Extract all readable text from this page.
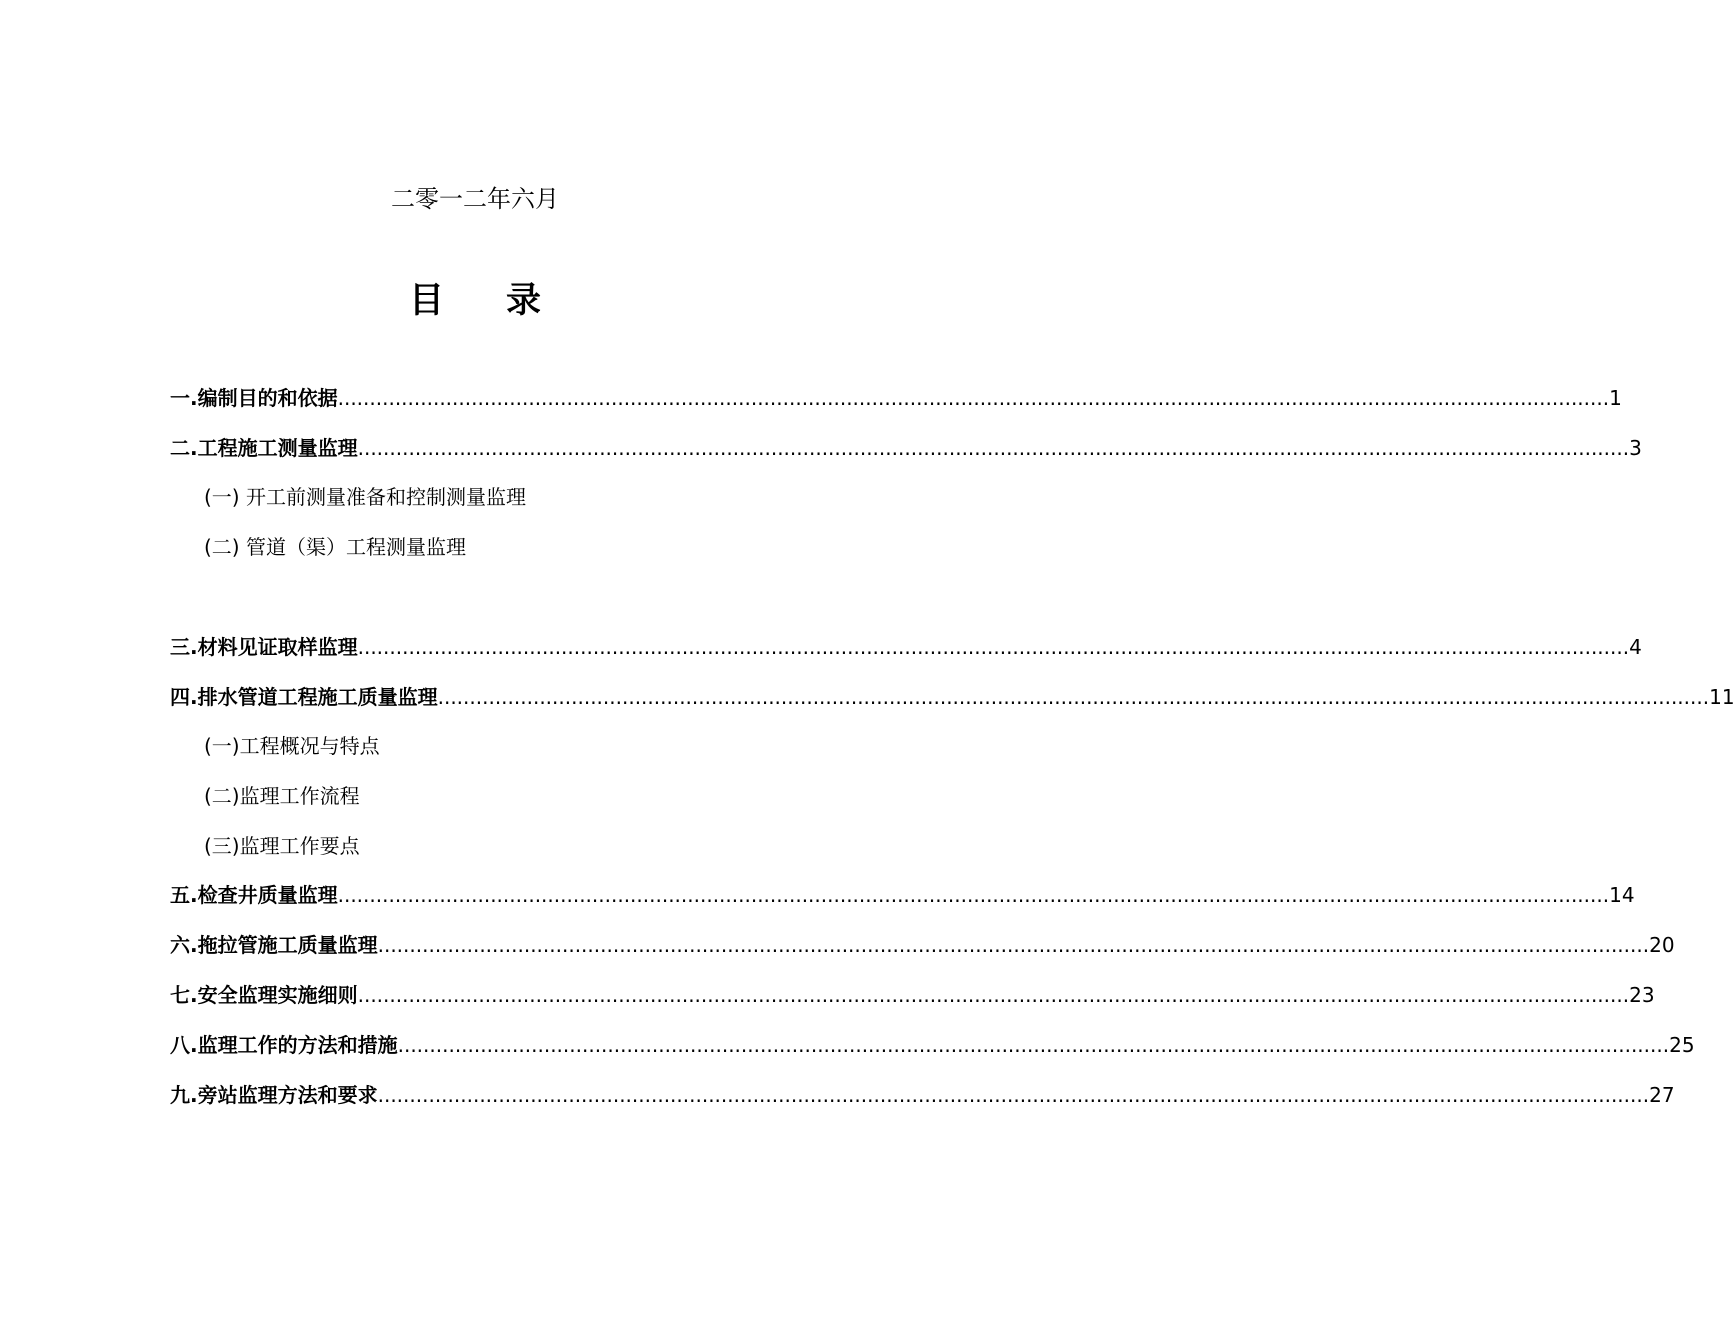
二零一二年六月
目 录
一.编制目的和依据 ........................................................................................................................................................................................................ 1
二.工程施工测量监理 ........................................................................................................................................................................................................ 3
(一) 开工前测量准备和控制测量监理
(二) 管道（渠）工程测量监理
三.材料见证取样监理 ........................................................................................................................................................................................................ 4
四.排水管道工程施工质量监理 ........................................................................................................................................................................................................ 11
(一)工程概况与特点
(二)监理工作流程
(三)监理工作要点
五.检查井质量监理 ........................................................................................................................................................................................................ 14
六.拖拉管施工质量监理 ........................................................................................................................................................................................................ 20
七.安全监理实施细则 ........................................................................................................................................................................................................ 23
八.监理工作的方法和措施 ........................................................................................................................................................................................................ 25
九.旁站监理方法和要求 ........................................................................................................................................................................................................ 27
